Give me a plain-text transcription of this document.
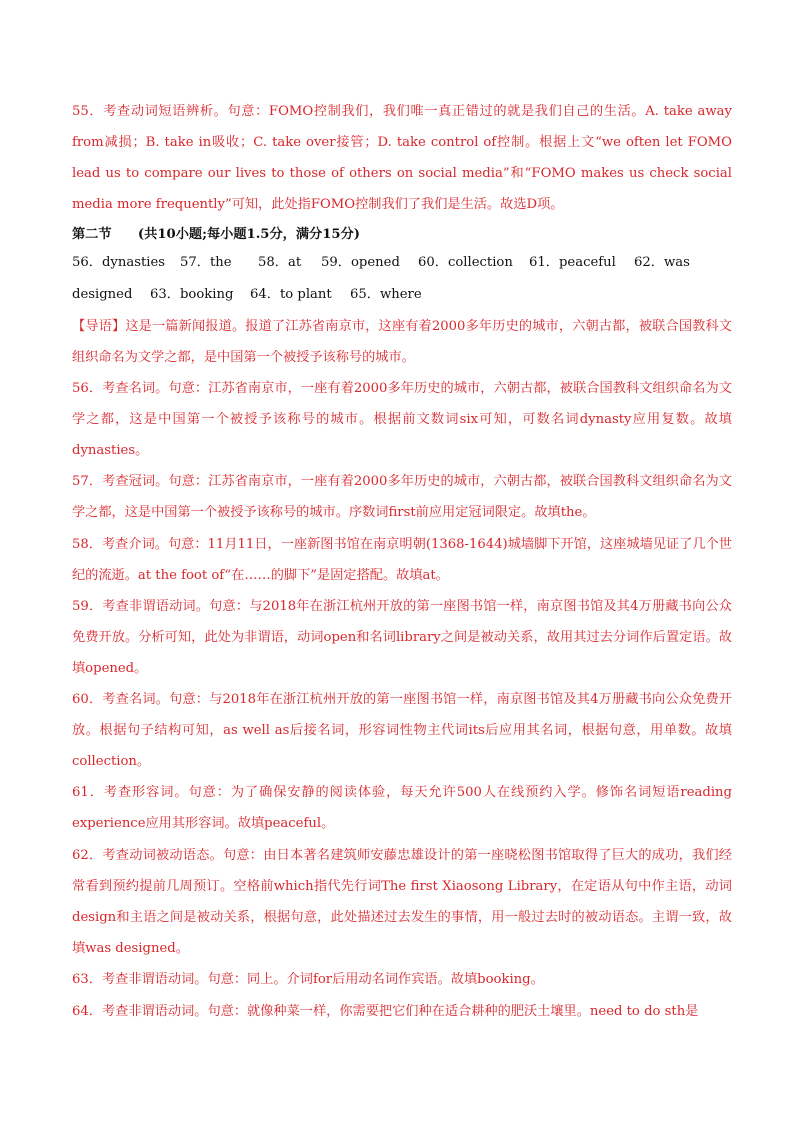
55．考查动词短语辨析。句意：FOMO控制我们，我们唯一真正错过的就是我们自己的生活。A. take away from减损；B. take in吸收；C. take over接管；D. take control of控制。根据上文“we often let FOMO lead us to compare our lives to those of others on social media”和“FOMO makes us check social media more frequently”可知，此处指FOMO控制我们了我们是生活。故选D项。

第二节　　(共10小题;每小题1.5分，满分15分)
56．dynasties 57．the 58．at 59．opened 60．collection 61．peaceful 62．was
designed 63．booking 64．to plant 65．where

【导语】这是一篇新闻报道。报道了江苏省南京市，这座有着2000多年历史的城市，六朝古都，被联合国教科文组织命名为文学之都，是中国第一个被授予该称号的城市。

56．考查名词。句意：江苏省南京市，一座有着2000多年历史的城市，六朝古都，被联合国教科文组织命名为文学之都，这是中国第一个被授予该称号的城市。根据前文数词six可知，可数名词dynasty应用复数。故填dynasties。

57．考查冠词。句意：江苏省南京市，一座有着2000多年历史的城市，六朝古都，被联合国教科文组织命名为文学之都，这是中国第一个被授予该称号的城市。序数词first前应用定冠词限定。故填the。

58．考查介词。句意：11月11日，一座新图书馆在南京明朝(1368-1644)城墙脚下开馆，这座城墙见证了几个世纪的流逝。at the foot of“在……的脚下”是固定搭配。故填at。

59．考查非谓语动词。句意：与2018年在浙江杭州开放的第一座图书馆一样，南京图书馆及其4万册藏书向公众免费开放。分析可知，此处为非谓语，动词open和名词library之间是被动关系，故用其过去分词作后置定语。故填opened。

60．考查名词。句意：与2018年在浙江杭州开放的第一座图书馆一样，南京图书馆及其4万册藏书向公众免费开放。根据句子结构可知，as well as后接名词，形容词性物主代词its后应用其名词，根据句意，用单数。故填collection。

61．考查形容词。句意：为了确保安静的阅读体验，每天允许500人在线预约入学。修饰名词短语reading experience应用其形容词。故填peaceful。

62．考查动词被动语态。句意：由日本著名建筑师安藤忠雄设计的第一座晓松图书馆取得了巨大的成功，我们经常看到预约提前几周预订。空格前which指代先行词The first Xiaosong Library，在定语从句中作主语，动词design和主语之间是被动关系，根据句意，此处描述过去发生的事情，用一般过去时的被动语态。主谓一致，故填was designed。

63．考查非谓语动词。句意：同上。介词for后用动名词作宾语。故填booking。

64．考查非谓语动词。句意：就像种菜一样，你需要把它们种在适合耕种的肥沃土壤里。need to do sth是
